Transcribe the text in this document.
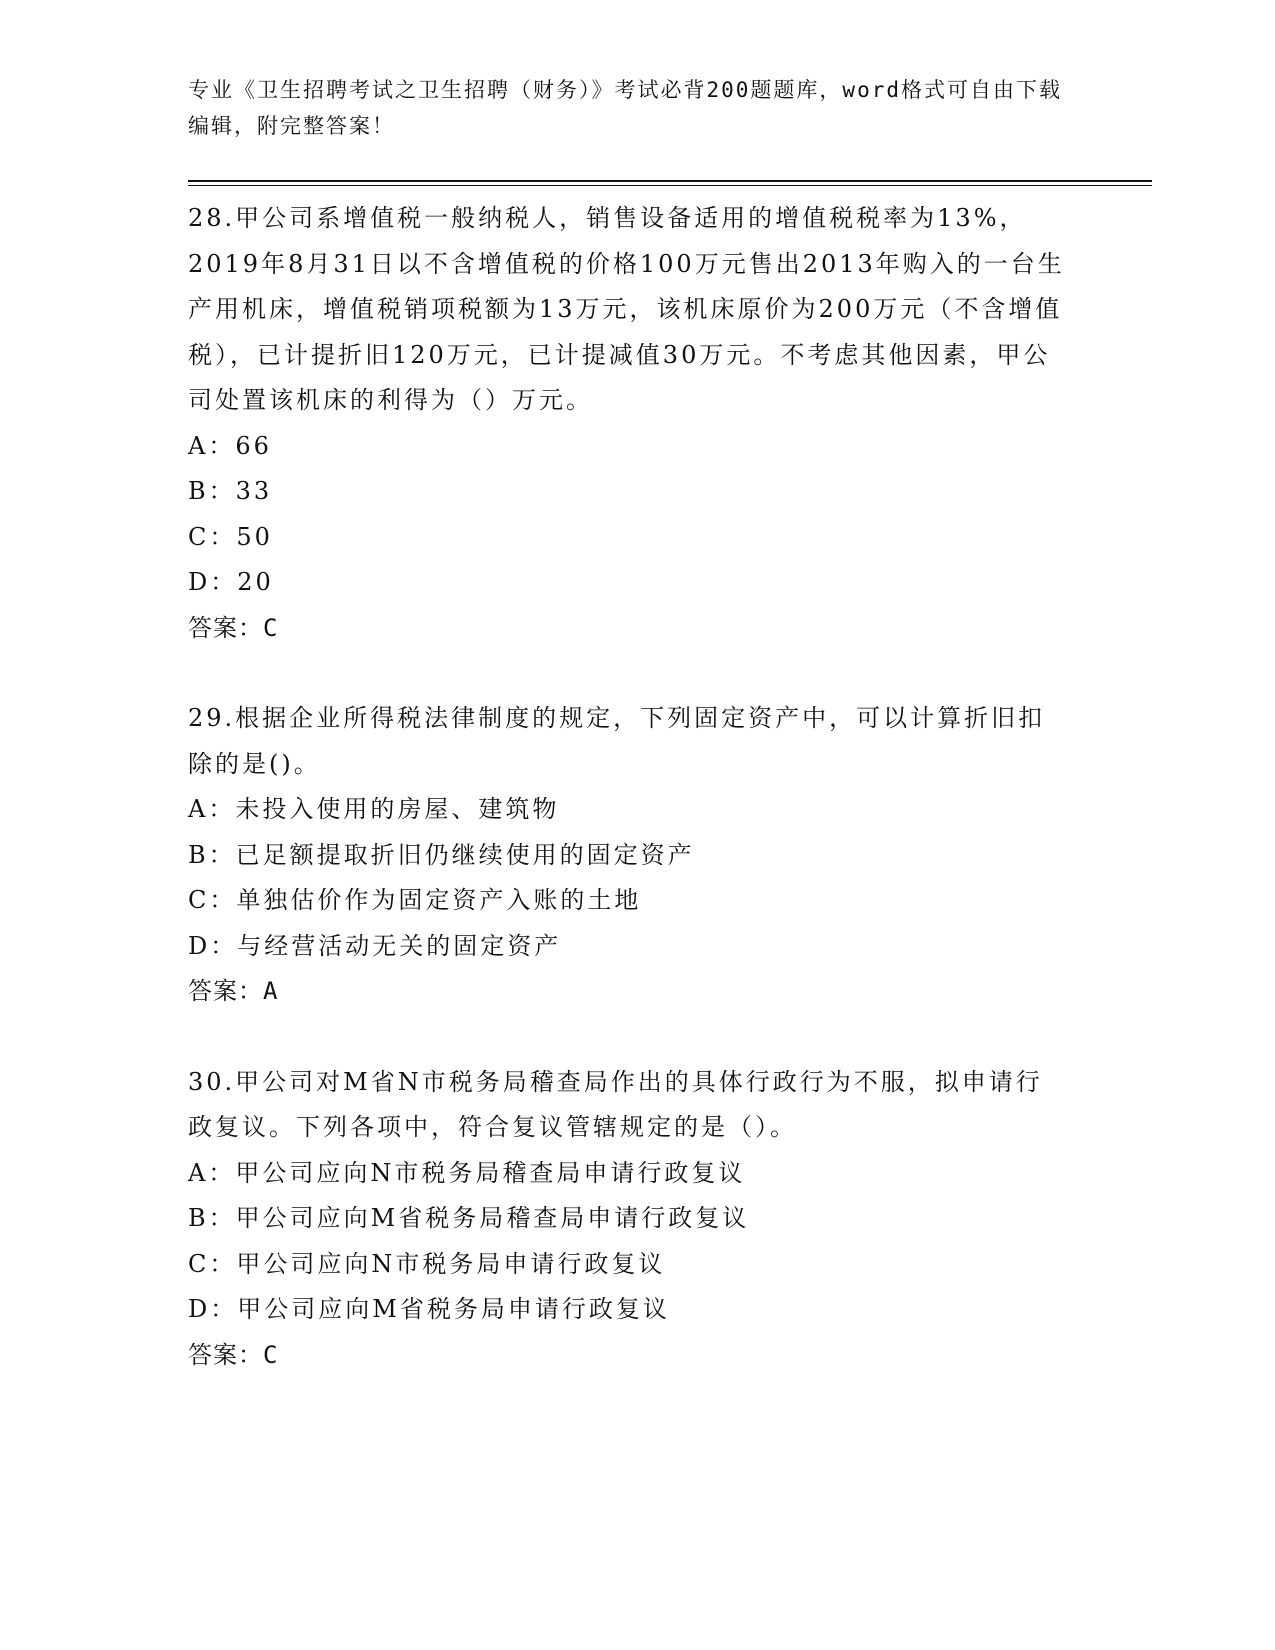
专业《卫生招聘考试之卫生招聘（财务）》考试必背200题题库，word格式可自由下载编辑，附完整答案！

28.甲公司系增值税一般纳税人，销售设备适用的增值税税率为13%，2019年8月31日以不含增值税的价格100万元售出2013年购入的一台生产用机床，增值税销项税额为13万元，该机床原价为200万元（不含增值税），已计提折旧120万元，已计提减值30万元。不考虑其他因素，甲公司处置该机床的利得为（）万元。

A：66

B：33

C：50

D：20

答案：C

29.根据企业所得税法律制度的规定，下列固定资产中，可以计算折旧扣除的是()。

A：未投入使用的房屋、建筑物

B：已足额提取折旧仍继续使用的固定资产

C：单独估价作为固定资产入账的土地

D：与经营活动无关的固定资产

答案：A

30.甲公司对M省N市税务局稽查局作出的具体行政行为不服，拟申请行政复议。下列各项中，符合复议管辖规定的是（）。

A：甲公司应向N市税务局稽查局申请行政复议

B：甲公司应向M省税务局稽查局申请行政复议

C：甲公司应向N市税务局申请行政复议

D：甲公司应向M省税务局申请行政复议

答案：C
